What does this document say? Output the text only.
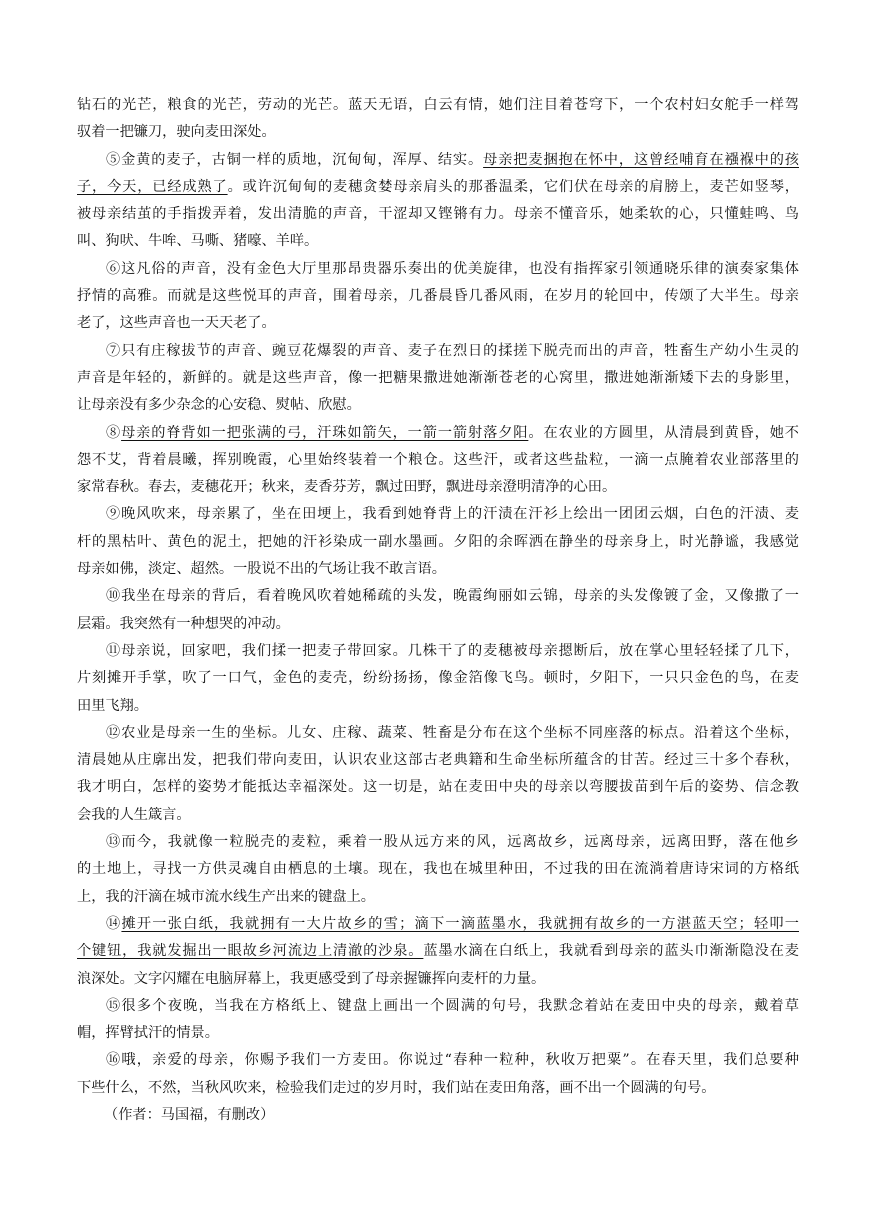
钻石的光芒，粮食的光芒，劳动的光芒。蓝天无语，白云有情，她们注目着苍穹下，一个农村妇女舵手一样驾
驭着一把镰刀，驶向麦田深处。
⑤金黄的麦子，古铜一样的质地，沉甸甸，浑厚、结实。母亲把麦捆抱在怀中，这曾经哺育在襁褓中的孩
子，今天，已经成熟了。或许沉甸甸的麦穗贪婪母亲肩头的那番温柔，它们伏在母亲的肩膀上，麦芒如竖琴，
被母亲结茧的手指拨弄着，发出清脆的声音，干涩却又铿锵有力。母亲不懂音乐，她柔软的心，只懂蛙鸣、鸟
叫、狗吠、牛哞、马嘶、猪嚎、羊咩。
⑥这凡俗的声音，没有金色大厅里那昂贵器乐奏出的优美旋律，也没有指挥家引领通晓乐律的演奏家集体
抒情的高雅。而就是这些悦耳的声音，围着母亲，几番晨昏几番风雨，在岁月的轮回中，传颂了大半生。母亲
老了，这些声音也一天天老了。
⑦只有庄稼拔节的声音、豌豆花爆裂的声音、麦子在烈日的揉搓下脱壳而出的声音，牲畜生产幼小生灵的
声音是年轻的，新鲜的。就是这些声音，像一把糖果撒进她渐渐苍老的心窝里，撒进她渐渐矮下去的身影里，
让母亲没有多少杂念的心安稳、熨帖、欣慰。
⑧母亲的脊背如一把张满的弓，汗珠如箭矢，一箭一箭射落夕阳。在农业的方圆里，从清晨到黄昏，她不
怨不艾，背着晨曦，挥别晚霞，心里始终装着一个粮仓。这些汗，或者这些盐粒，一滴一点腌着农业部落里的
家常春秋。春去，麦穗花开；秋来，麦香芬芳，飘过田野，飘进母亲澄明清净的心田。
⑨晚风吹来，母亲累了，坐在田埂上，我看到她脊背上的汗渍在汗衫上绘出一团团云烟，白色的汗渍、麦
杆的黑枯叶、黄色的泥土，把她的汗衫染成一副水墨画。夕阳的余晖洒在静坐的母亲身上，时光静谧，我感觉
母亲如佛，淡定、超然。一股说不出的气场让我不敢言语。
⑩我坐在母亲的背后，看着晚风吹着她稀疏的头发，晚霞绚丽如云锦，母亲的头发像镀了金，又像撒了一
层霜。我突然有一种想哭的冲动。
⑪母亲说，回家吧，我们揉一把麦子带回家。几株干了的麦穗被母亲摁断后，放在掌心里轻轻揉了几下，
片刻摊开手掌，吹了一口气，金色的麦壳，纷纷扬扬，像金箔像飞鸟。顿时，夕阳下，一只只金色的鸟，在麦
田里飞翔。
⑫农业是母亲一生的坐标。儿女、庄稼、蔬菜、牲畜是分布在这个坐标不同座落的标点。沿着这个坐标，
清晨她从庄廓出发，把我们带向麦田，认识农业这部古老典籍和生命坐标所蕴含的甘苦。经过三十多个春秋，
我才明白，怎样的姿势才能抵达幸福深处。这一切是，站在麦田中央的母亲以弯腰拔苗到午后的姿势、信念教
会我的人生箴言。
⑬而今，我就像一粒脱壳的麦粒，乘着一股从远方来的风，远离故乡，远离母亲，远离田野，落在他乡
的土地上，寻找一方供灵魂自由栖息的土壤。现在，我也在城里种田，不过我的田在流淌着唐诗宋词的方格纸
上，我的汗滴在城市流水线生产出来的键盘上。
⑭摊开一张白纸，我就拥有一大片故乡的雪；滴下一滴蓝墨水，我就拥有故乡的一方湛蓝天空；轻叩一
个键钮，我就发掘出一眼故乡河流边上清澈的沙泉。蓝墨水滴在白纸上，我就看到母亲的蓝头巾渐渐隐没在麦
浪深处。文字闪耀在电脑屏幕上，我更感受到了母亲握镰挥向麦杆的力量。
⑮很多个夜晚，当我在方格纸上、键盘上画出一个圆满的句号，我默念着站在麦田中央的母亲，戴着草
帽，挥臂拭汗的情景。
⑯哦，亲爱的母亲，你赐予我们一方麦田。你说过“春种一粒种，秋收万把粟”。在春天里，我们总要种
下些什么，不然，当秋风吹来，检验我们走过的岁月时，我们站在麦田角落，画不出一个圆满的句号。
（作者：马国福，有删改）
